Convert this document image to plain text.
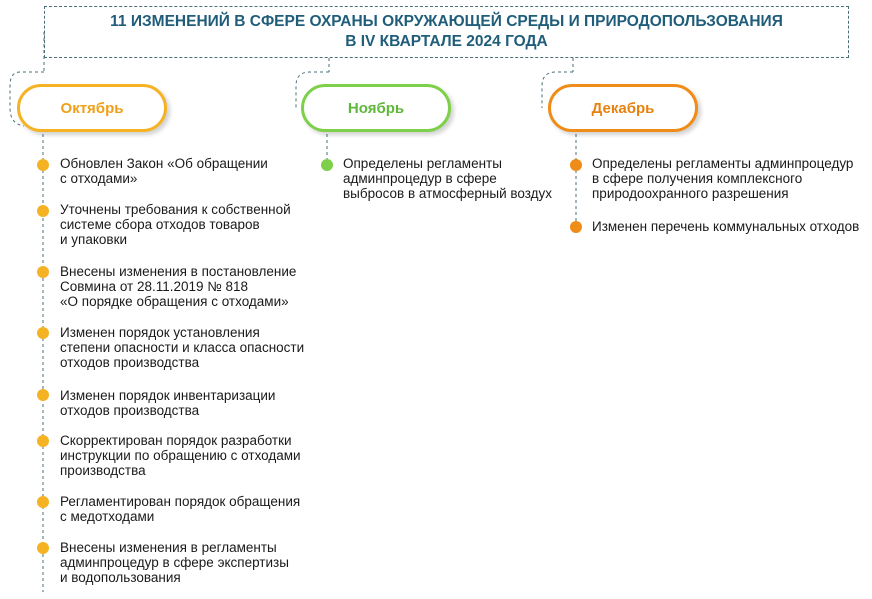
11 ИЗМЕНЕНИЙ В СФЕРЕ ОХРАНЫ ОКРУЖАЮЩЕЙ СРЕДЫ И ПРИРОДОПОЛЬЗОВАНИЯ
В IV КВАРТАЛЕ 2024 ГОДА
Октябрь	Ноябрь	Декабрь
Обновлен Закон «Об обращении
с отходами»
Уточнены требования к собственной
системе сбора отходов товаров
и упаковки
Внесены изменения в постановление
Совмина от 28.11.2019 № 818
«О порядке обращения с отходами»
Изменен порядок установления
степени опасности и класса опасности
отходов производства
Изменен порядок инвентаризации
отходов производства
Скорректирован порядок разработки
инструкции по обращению с отходами
производства
Регламентирован порядок обращения
с медотходами
Внесены изменения в регламенты
админпроцедур в сфере экспертизы
и водопользования
Определены регламенты
админпроцедур в сфере
выбросов в атмосферный воздух
Определены регламенты админпроцедур
в сфере получения комплексного
природоохранного разрешения
Изменен перечень коммунальных отходов
